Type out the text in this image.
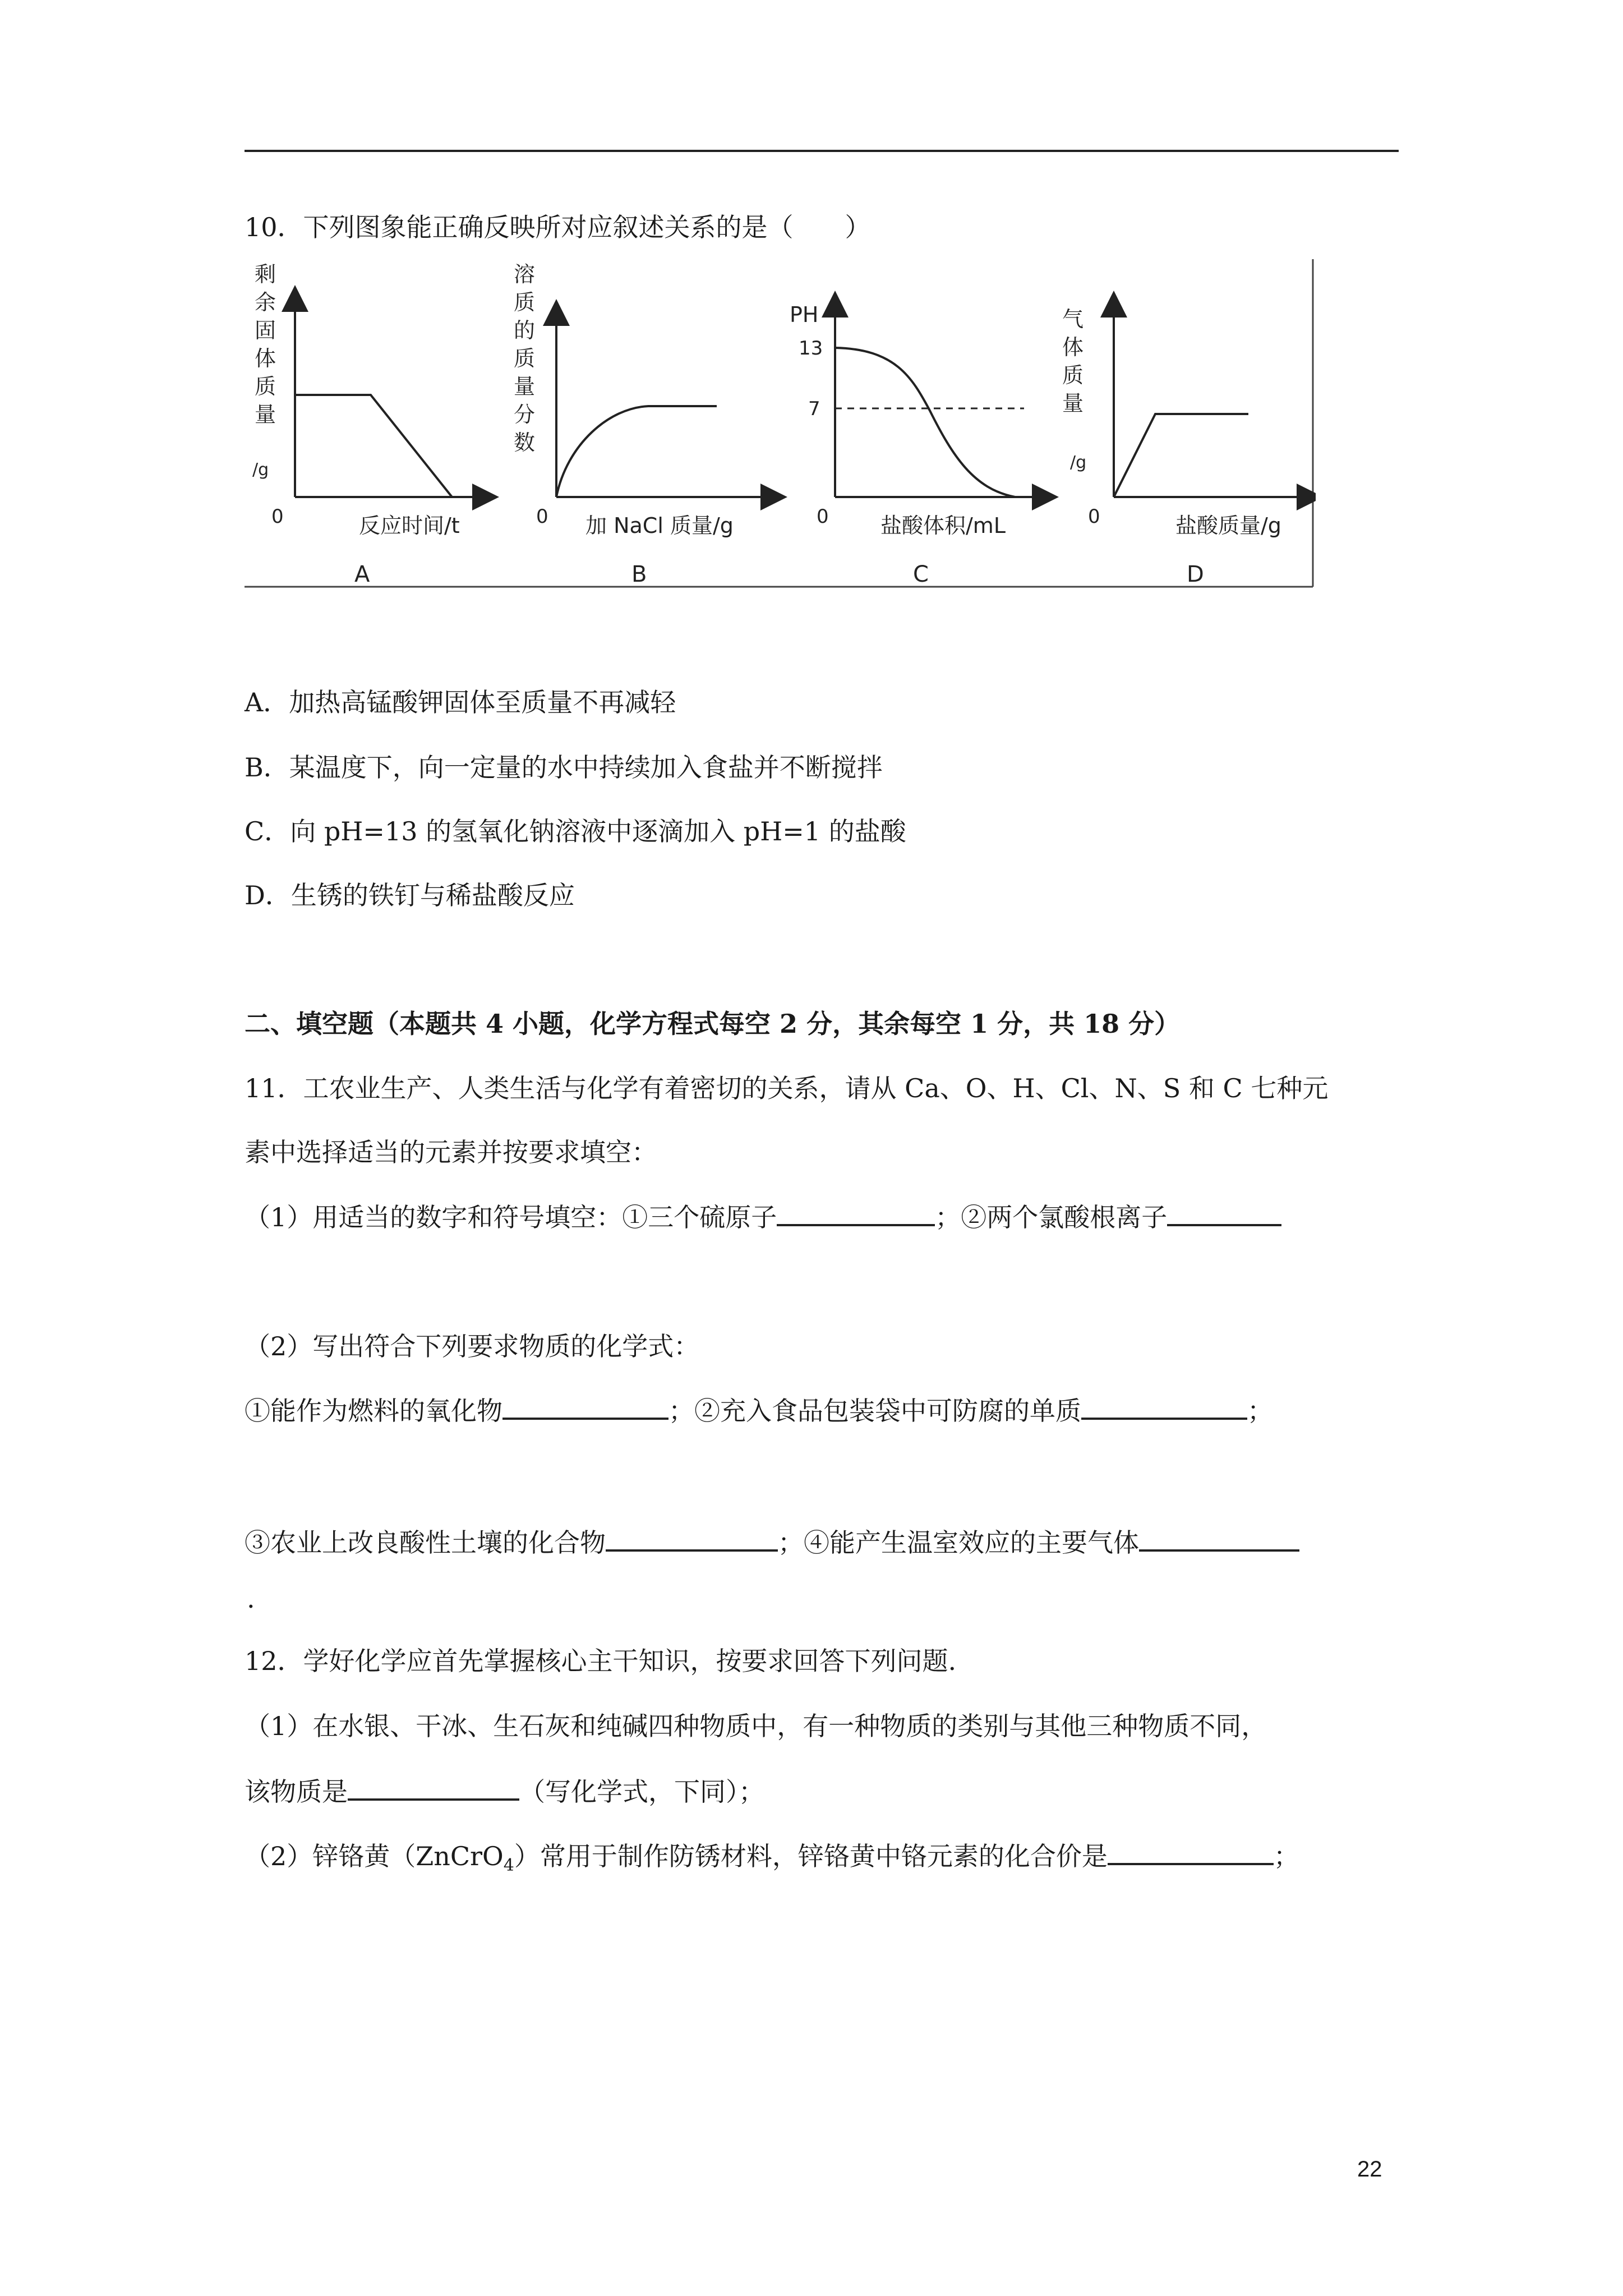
10．下列图象能正确反映所对应叙述关系的是（　　）
剩余固体质量
/g
0	反应时间/t
A
溶质的质量分数
0 加 NaCl 质量/g
B
PH
13
7
0 盐酸体积/mL
C
气体质量
/g
0	盐酸质量/g
D
A．加热高锰酸钾固体至质量不再减轻
B．某温度下，向一定量的水中持续加入食盐并不断搅拌
C．向 pH=13 的氢氧化钠溶液中逐滴加入 pH=1 的盐酸
D．生锈的铁钉与稀盐酸反应
二、填空题（本题共 4 小题，化学方程式每空 2 分，其余每空 1 分，共 18 分）
11．工农业生产、人类生活与化学有着密切的关系，请从 Ca、O、H、Cl、N、S 和 C 七种元
素中选择适当的元素并按要求填空：
（1）用适当的数字和符号填空：①三个硫原子	；②两个氯酸根离子
（2）写出符合下列要求物质的化学式：
①能作为燃料的氧化物	；②充入食品包装袋中可防腐的单质	；
③农业上改良酸性土壤的化合物	；④能产生温室效应的主要气体
.
12．学好化学应首先掌握核心主干知识，按要求回答下列问题.
（1）在水银、干冰、生石灰和纯碱四种物质中，有一种物质的类别与其他三种物质不同，
该物质是	（写化学式，下同）；
（2）锌铬黄（ZnCrO$_4$）常用于制作防锈材料，锌铬黄中铬元素的化合价是	；
22
